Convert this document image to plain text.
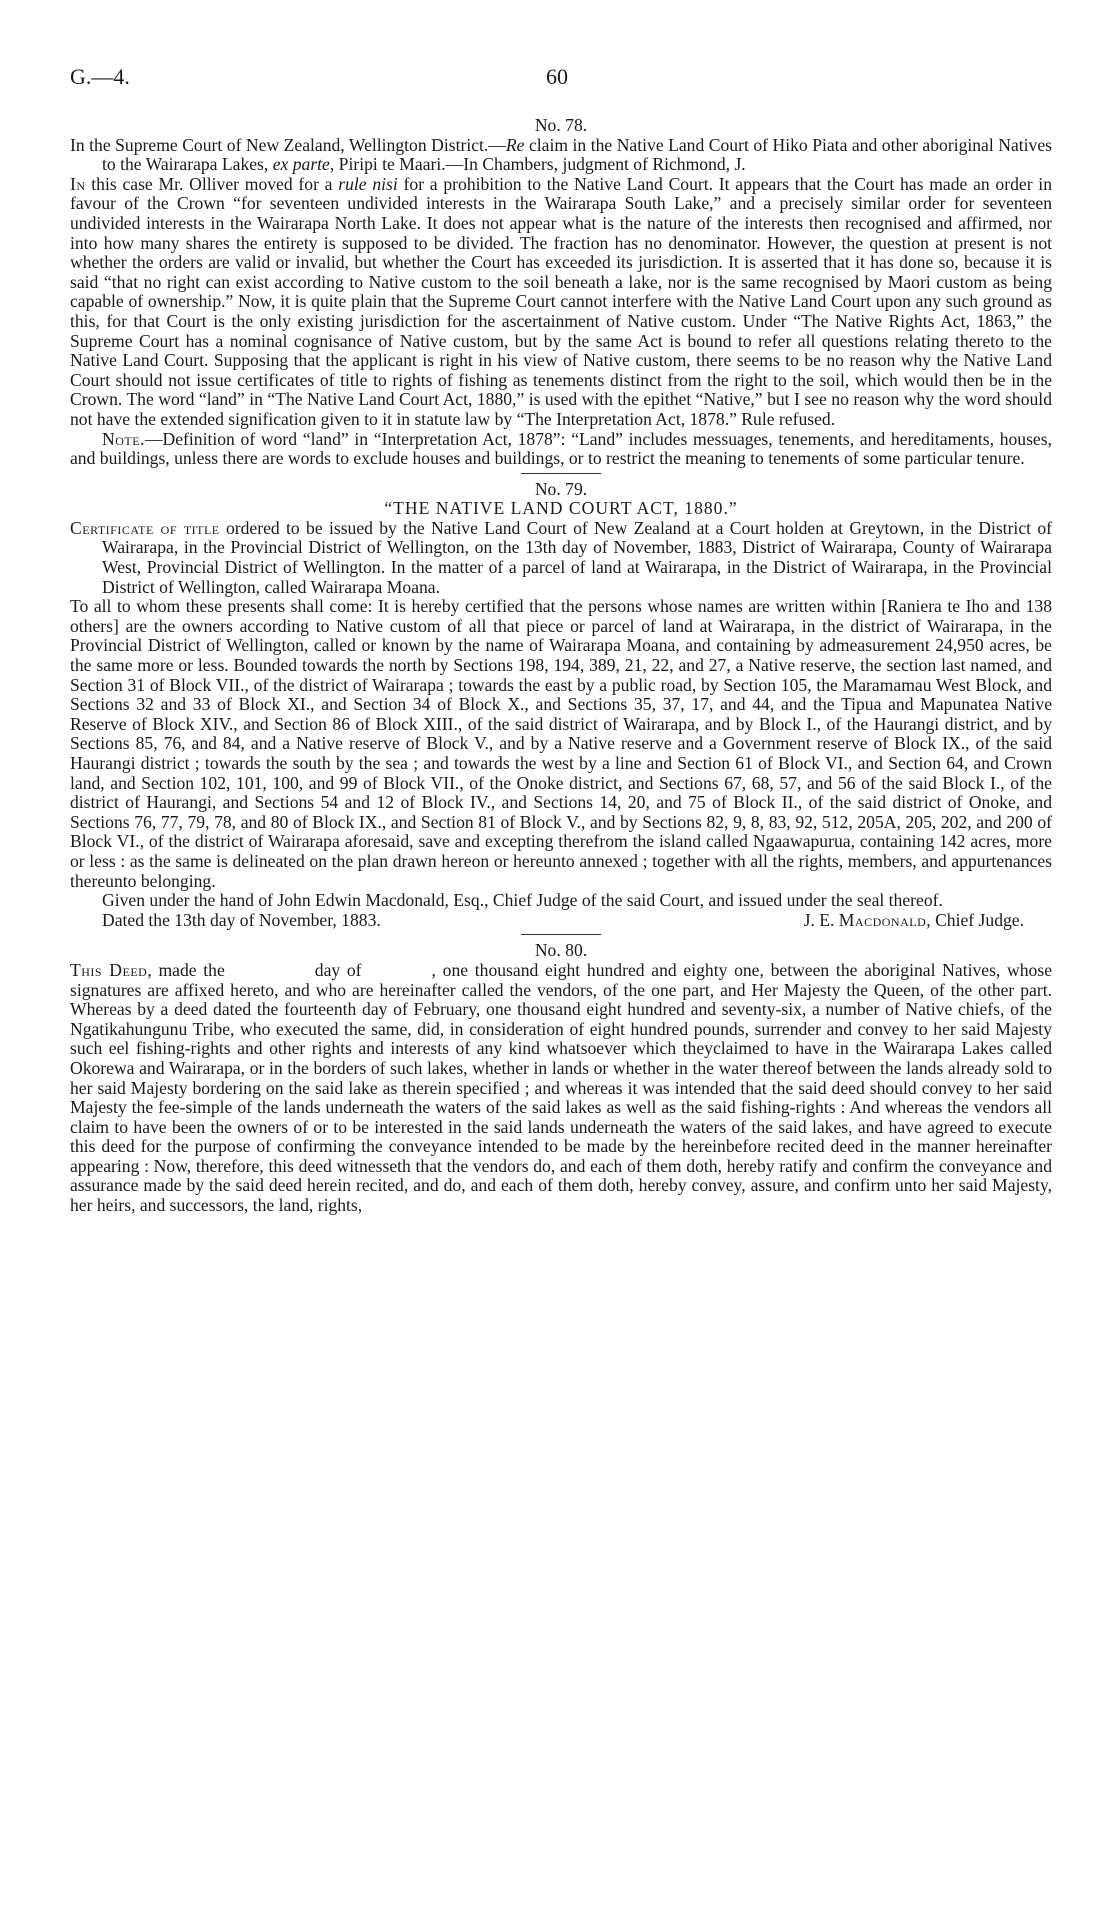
G.—4.	60

No. 78.

In the Supreme Court of New Zealand, Wellington District.—Re claim in the Native Land Court of Hiko Piata and other aboriginal Natives to the Wairarapa Lakes, ex parte, Piripi te Maari.—In Chambers, judgment of Richmond, J.

In this case Mr. Olliver moved for a rule nisi for a prohibition to the Native Land Court. It appears that the Court has made an order in favour of the Crown “for seventeen undivided interests in the Wairarapa South Lake,” and a precisely similar order for seventeen undivided interests in the Wairarapa North Lake. It does not appear what is the nature of the interests then recognised and affirmed, nor into how many shares the entirety is supposed to be divided. The fraction has no denominator. However, the question at present is not whether the orders are valid or invalid, but whether the Court has exceeded its jurisdiction. It is asserted that it has done so, because it is said “that no right can exist according to Native custom to the soil beneath a lake, nor is the same recognised by Maori custom as being capable of ownership.” Now, it is quite plain that the Supreme Court cannot interfere with the Native Land Court upon any such ground as this, for that Court is the only existing jurisdiction for the ascertainment of Native custom. Under “The Native Rights Act, 1863,” the Supreme Court has a nominal cognisance of Native custom, but by the same Act is bound to refer all questions relating thereto to the Native Land Court. Supposing that the applicant is right in his view of Native custom, there seems to be no reason why the Native Land Court should not issue certificates of title to rights of fishing as tenements distinct from the right to the soil, which would then be in the Crown. The word “land” in “The Native Land Court Act, 1880,” is used with the epithet “Native,” but I see no reason why the word should not have the extended signification given to it in statute law by “The Interpretation Act, 1878.” Rule refused.

Note.—Definition of word “land” in “Interpretation Act, 1878”: “Land” includes messuages, tenements, and hereditaments, houses, and buildings, unless there are words to exclude houses and buildings, or to restrict the meaning to tenements of some particular tenure.

No. 79.

“THE NATIVE LAND COURT ACT, 1880.”

Certificate of title ordered to be issued by the Native Land Court of New Zealand at a Court holden at Greytown, in the District of Wairarapa, in the Provincial District of Wellington, on the 13th day of November, 1883, District of Wairarapa, County of Wairarapa West, Provincial District of Wellington. In the matter of a parcel of land at Wairarapa, in the District of Wairarapa, in the Provincial District of Wellington, called Wairarapa Moana.

To all to whom these presents shall come: It is hereby certified that the persons whose names are written within [Raniera te Iho and 138 others] are the owners according to Native custom of all that piece or parcel of land at Wairarapa, in the district of Wairarapa, in the Provincial District of Wellington, called or known by the name of Wairarapa Moana, and containing by admeasurement 24,950 acres, be the same more or less. Bounded towards the north by Sections 198, 194, 389, 21, 22, and 27, a Native reserve, the section last named, and Section 31 of Block VII., of the district of Wairarapa ; towards the east by a public road, by Section 105, the Maramamau West Block, and Sections 32 and 33 of Block XI., and Section 34 of Block X., and Sections 35, 37, 17, and 44, and the Tipua and Mapunatea Native Reserve of Block XIV., and Section 86 of Block XIII., of the said district of Wairarapa, and by Block I., of the Haurangi district, and by Sections 85, 76, and 84, and a Native reserve of Block V., and by a Native reserve and a Government reserve of Block IX., of the said Haurangi district ; towards the south by the sea ; and towards the west by a line and Section 61 of Block VI., and Section 64, and Crown land, and Section 102, 101, 100, and 99 of Block VII., of the Onoke district, and Sections 67, 68, 57, and 56 of the said Block I., of the district of Haurangi, and Sections 54 and 12 of Block IV., and Sections 14, 20, and 75 of Block II., of the said district of Onoke, and Sections 76, 77, 79, 78, and 80 of Block IX., and Section 81 of Block V., and by Sections 82, 9, 8, 83, 92, 512, 205A, 205, 202, and 200 of Block VI., of the district of Wairarapa aforesaid, save and excepting therefrom the island called Ngaawapurua, containing 142 acres, more or less : as the same is delineated on the plan drawn hereon or hereunto annexed ; together with all the rights, members, and appurtenances thereunto belonging.

Given under the hand of John Edwin Macdonald, Esq., Chief Judge of the said Court, and issued under the seal thereof.

Dated the 13th day of November, 1883.	J. E. Macdonald, Chief Judge.

No. 80.

This Deed, made the	day of	, one thousand eight hundred and eighty one, between the aboriginal Natives, whose signatures are affixed hereto, and who are hereinafter called the vendors, of the one part, and Her Majesty the Queen, of the other part. Whereas by a deed dated the fourteenth day of February, one thousand eight hundred and seventy-six, a number of Native chiefs, of the Ngatikahungunu Tribe, who executed the same, did, in consideration of eight hundred pounds, surrender and convey to her said Majesty such eel fishing-rights and other rights and interests of any kind whatsoever which theyclaimed to have in the Wairarapa Lakes called Okorewa and Wairarapa, or in the borders of such lakes, whether in lands or whether in the water thereof between the lands already sold to her said Majesty bordering on the said lake as therein specified ; and whereas it was intended that the said deed should convey to her said Majesty the fee-simple of the lands underneath the waters of the said lakes as well as the said fishing-rights : And whereas the vendors all claim to have been the owners of or to be interested in the said lands underneath the waters of the said lakes, and have agreed to execute this deed for the purpose of confirming the conveyance intended to be made by the hereinbefore recited deed in the manner hereinafter appearing : Now, therefore, this deed witnesseth that the vendors do, and each of them doth, hereby ratify and confirm the conveyance and assurance made by the said deed herein recited, and do, and each of them doth, hereby convey, assure, and confirm unto her said Majesty, her heirs, and successors, the land, rights,
